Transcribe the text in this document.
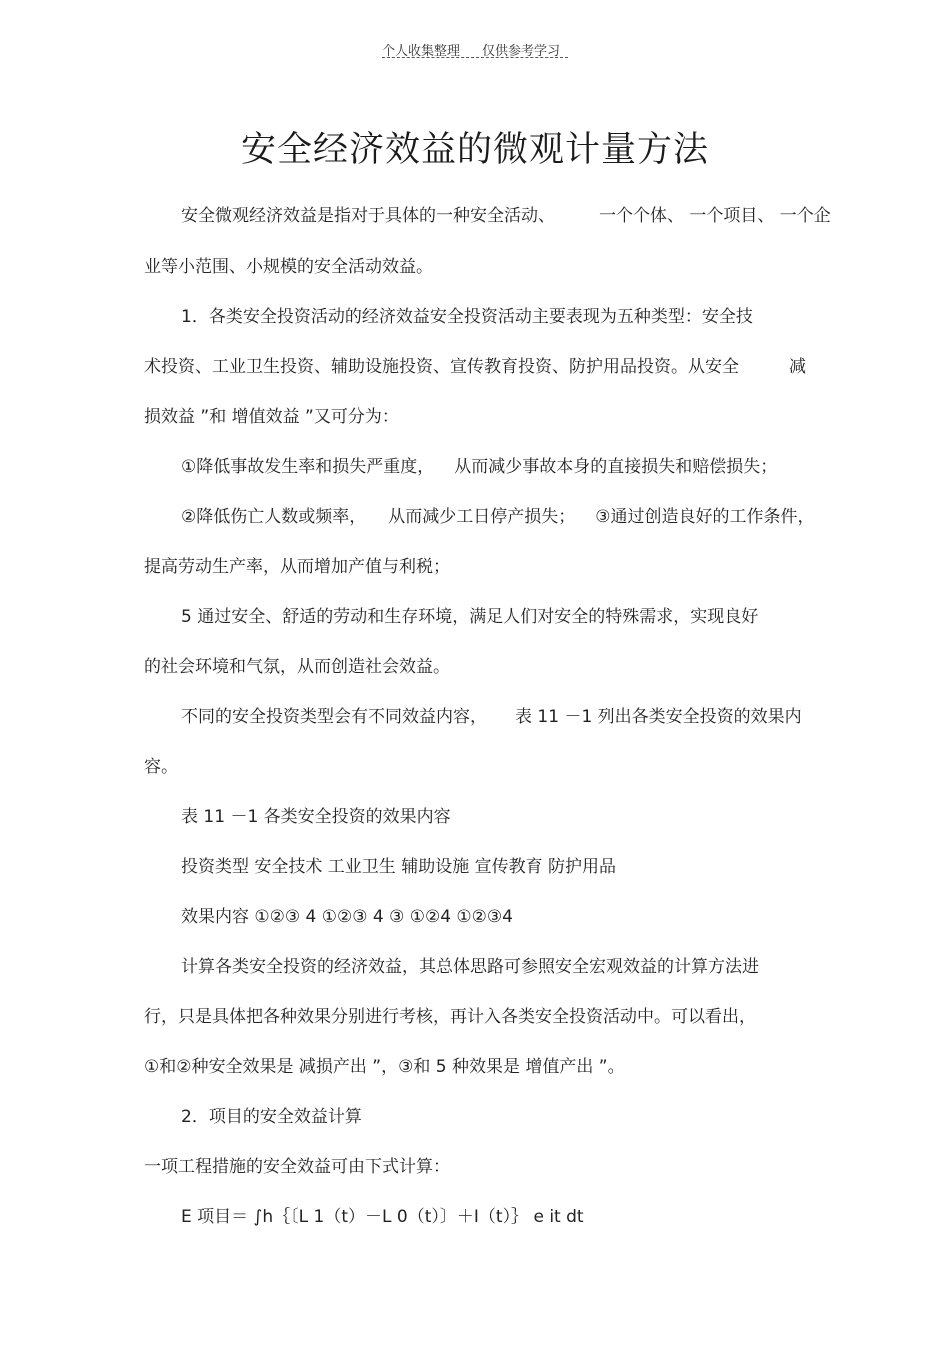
个人收集整理 仅供参考学习
安全经济效益的微观计量方法
安全微观经济效益是指对于具体的一种安全活动、	一个个体、 一个项目、 一个企
业等小范围、小规模的安全活动效益。
1．各类安全投资活动的经济效益安全投资活动主要表现为五种类型：安全技
术投资、工业卫生投资、辅助设施投资、宣传教育投资、防护用品投资。从安全	减
损效益 ”和 增值效益 ”又可分为：
①降低事故发生率和损失严重度， 从而减少事故本身的直接损失和赔偿损失；
②降低伤亡人数或频率， 从而减少工日停产损失； ③通过创造良好的工作条件，
提高劳动生产率，从而增加产值与利税；
5 通过安全、舒适的劳动和生存环境，满足人们对安全的特殊需求，实现良好
的社会环境和气氛，从而创造社会效益。
不同的安全投资类型会有不同效益内容， 表 11 －1 列出各类安全投资的效果内
容。
表 11 －1 各类安全投资的效果内容
投资类型 安全技术 工业卫生 辅助设施 宣传教育 防护用品
效果内容 ①②③ 4 ①②③ 4 ③ ①②4 ①②③4
计算各类安全投资的经济效益，其总体思路可参照安全宏观效益的计算方法进
行，只是具体把各种效果分别进行考核，再计入各类安全投资活动中。可以看出，
①和②种安全效果是 减损产出 ”，③和 5 种效果是 增值产出 ”。
2．项目的安全效益计算
一项工程措施的安全效益可由下式计算：
E 项目＝ ∫h｛〔L 1（t）－L 0（t）〕＋I（t）｝ e it dt
